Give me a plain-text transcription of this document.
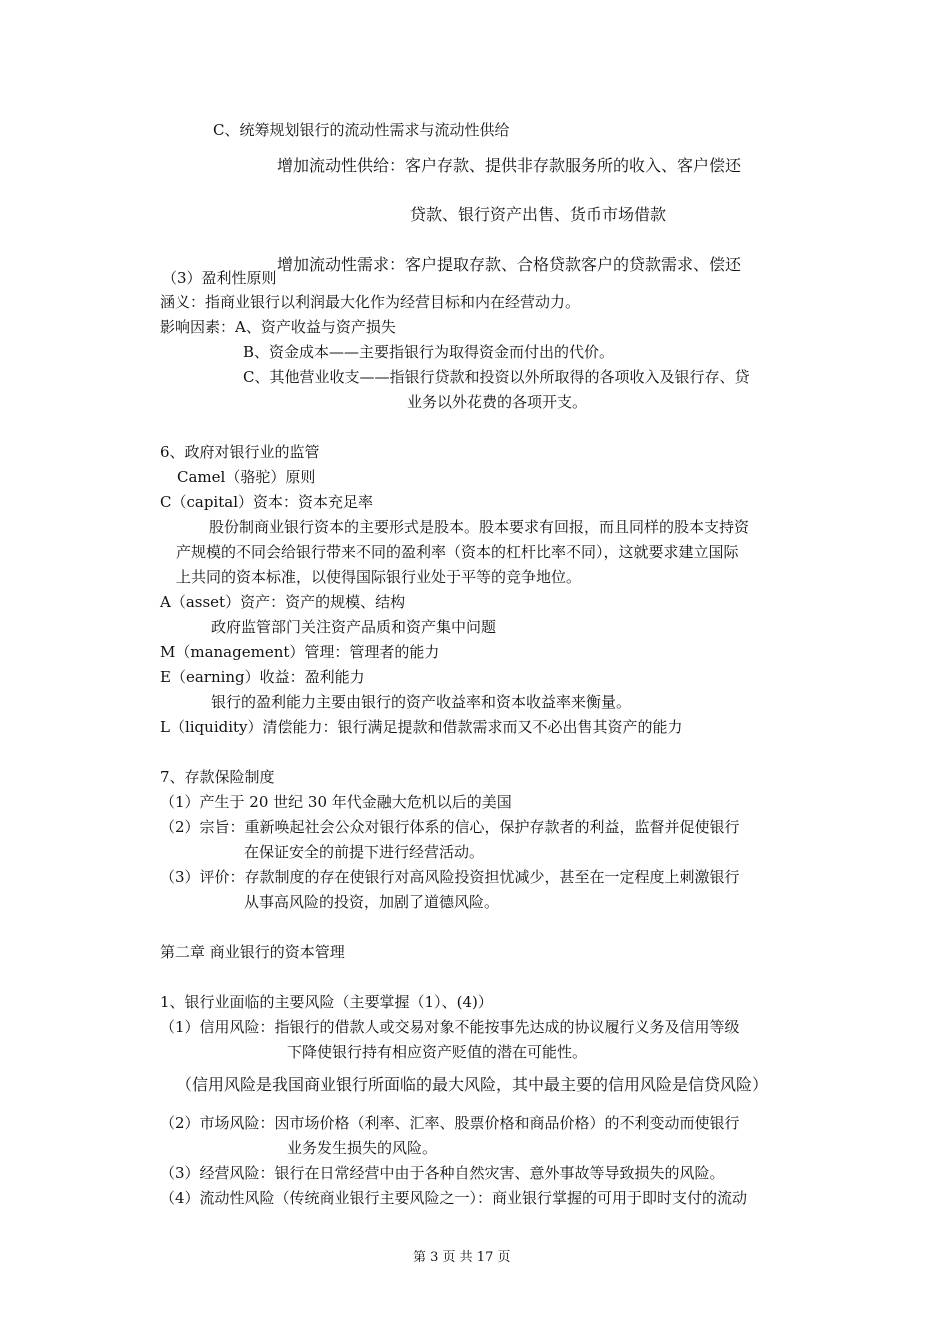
C、统筹规划银行的流动性需求与流动性供给
增加流动性供给：客户存款、提供非存款服务所的收入、客户偿还
贷款、银行资产出售、货币市场借款
增加流动性需求：客户提取存款、合格贷款客户的贷款需求、偿还
（3）盈利性原则
涵义：指商业银行以利润最大化作为经营目标和内在经营动力。
影响因素：A、资产收益与资产损失
B、资金成本——主要指银行为取得资金而付出的代价。
C、其他营业收支——指银行贷款和投资以外所取得的各项收入及银行存、贷
业务以外花费的各项开支。
6、政府对银行业的监管
Camel（骆驼）原则
C（capital）资本：资本充足率
股份制商业银行资本的主要形式是股本。股本要求有回报，而且同样的股本支持资
产规模的不同会给银行带来不同的盈利率（资本的杠杆比率不同），这就要求建立国际
上共同的资本标准，以使得国际银行业处于平等的竞争地位。
A（asset）资产：资产的规模、结构
政府监管部门关注资产品质和资产集中问题
M（management）管理：管理者的能力
E（earning）收益：盈利能力
银行的盈利能力主要由银行的资产收益率和资本收益率来衡量。
L（liquidity）清偿能力：银行满足提款和借款需求而又不必出售其资产的能力
7、存款保险制度
（1）产生于 20 世纪 30 年代金融大危机以后的美国
（2）宗旨：重新唤起社会公众对银行体系的信心，保护存款者的利益，监督并促使银行
在保证安全的前提下进行经营活动。
（3）评价：存款制度的存在使银行对高风险投资担忧减少，甚至在一定程度上刺激银行
从事高风险的投资，加剧了道德风险。
第二章 商业银行的资本管理
1、银行业面临的主要风险（主要掌握（1）、(4)）
（1）信用风险：指银行的借款人或交易对象不能按事先达成的协议履行义务及信用等级
下降使银行持有相应资产贬值的潜在可能性。
（信用风险是我国商业银行所面临的最大风险，其中最主要的信用风险是信贷风险）
（2）市场风险：因市场价格（利率、汇率、股票价格和商品价格）的不利变动而使银行
业务发生损失的风险。
（3）经营风险：银行在日常经营中由于各种自然灾害、意外事故等导致损失的风险。
（4）流动性风险（传统商业银行主要风险之一）：商业银行掌握的可用于即时支付的流动
第 3 页 共 17 页
